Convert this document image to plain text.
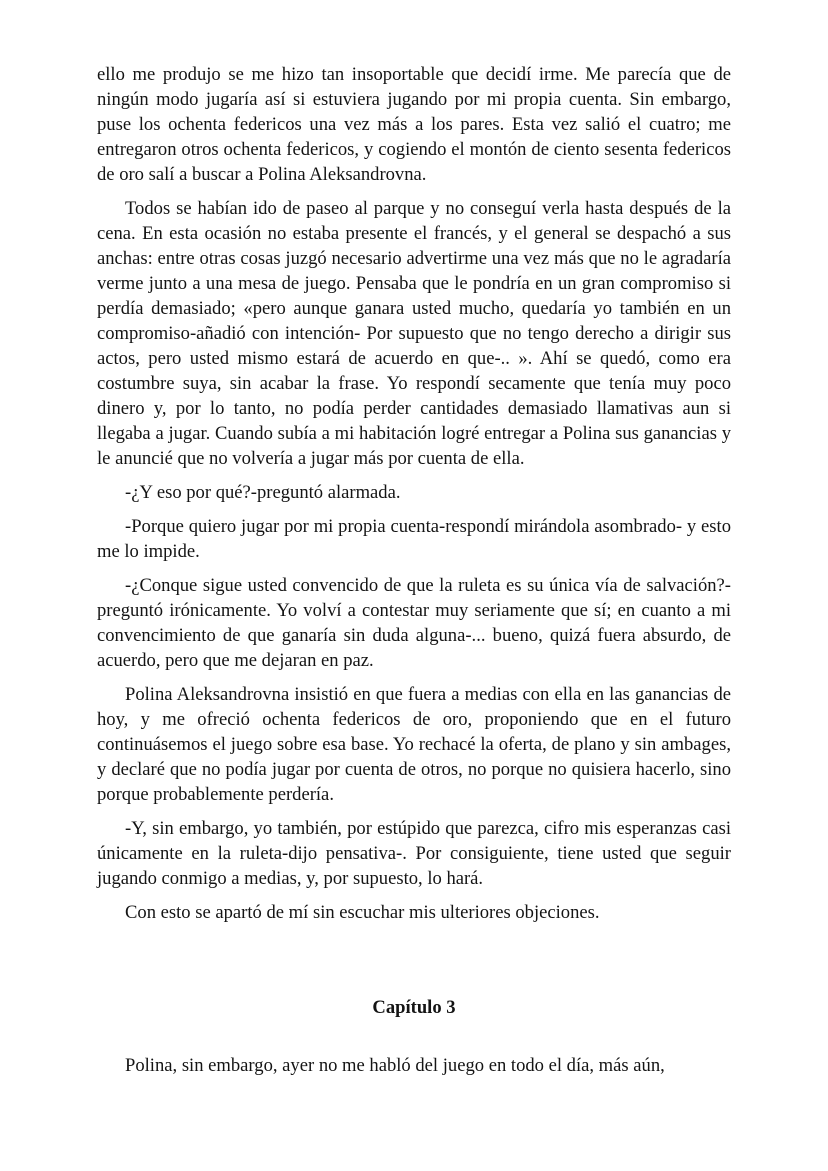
ello me produjo se me hizo tan insoportable que decidí irme. Me parecía que de ningún modo jugaría así si estuviera jugando por mi propia cuenta. Sin embargo, puse los ochenta federicos una vez más a los pares. Esta vez salió el cuatro; me entregaron otros ochenta federicos, y cogiendo el montón de ciento sesenta federicos de oro salí a buscar a Polina Aleksandrovna.

Todos se habían ido de paseo al parque y no conseguí verla hasta después de la cena. En esta ocasión no estaba presente el francés, y el general se despachó a sus anchas: entre otras cosas juzgó necesario advertirme una vez más que no le agradaría verme junto a una mesa de juego. Pensaba que le pondría en un gran compromiso si perdía demasiado; «pero aunque ganara usted mucho, quedaría yo también en un compromiso-añadió con intención- Por supuesto que no tengo derecho a dirigir sus actos, pero usted mismo estará de acuerdo en que-.. ». Ahí se quedó, como era costumbre suya, sin acabar la frase. Yo respondí secamente que tenía muy poco dinero y, por lo tanto, no podía perder cantidades demasiado llamativas aun si llegaba a jugar. Cuando subía a mi habitación logré entregar a Polina sus ganancias y le anuncié que no volvería a jugar más por cuenta de ella.

-¿Y eso por qué?-preguntó alarmada.

-Porque quiero jugar por mi propia cuenta-respondí mirándola asombrado- y esto me lo impide.

-¿Conque sigue usted convencido de que la ruleta es su única vía de salvación?-preguntó irónicamente. Yo volví a contestar muy seriamente que sí; en cuanto a mi convencimiento de que ganaría sin duda alguna-... bueno, quizá fuera absurdo, de acuerdo, pero que me dejaran en paz.

Polina Aleksandrovna insistió en que fuera a medias con ella en las ganancias de hoy, y me ofreció ochenta federicos de oro, proponiendo que en el futuro continuásemos el juego sobre esa base. Yo rechacé la oferta, de plano y sin ambages, y declaré que no podía jugar por cuenta de otros, no porque no quisiera hacerlo, sino porque probablemente perdería.

-Y, sin embargo, yo también, por estúpido que parezca, cifro mis esperanzas casi únicamente en la ruleta-dijo pensativa-. Por consiguiente, tiene usted que seguir jugando conmigo a medias, y, por supuesto, lo hará.

Con esto se apartó de mí sin escuchar mis ulteriores objeciones.

Capítulo 3

Polina, sin embargo, ayer no me habló del juego en todo el día, más aún,
